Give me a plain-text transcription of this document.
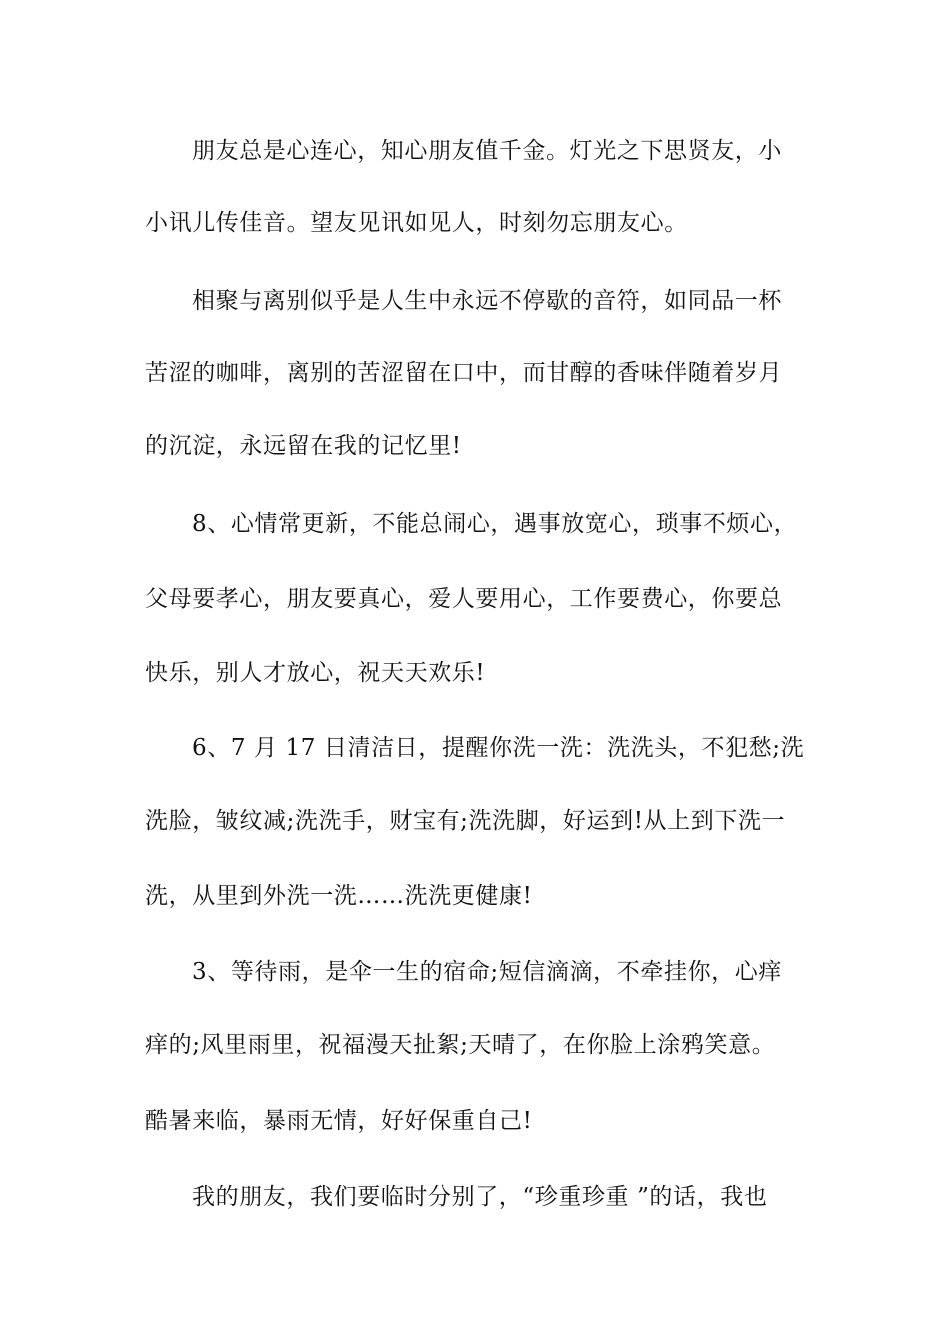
朋友总是心连心，知心朋友值千金。灯光之下思贤友，小
小讯儿传佳音。望友见讯如见人，时刻勿忘朋友心。
相聚与离别似乎是人生中永远不停歇的音符，如同品一杯
苦涩的咖啡，离别的苦涩留在口中，而甘醇的香味伴随着岁月
的沉淀，永远留在我的记忆里!
8、心情常更新，不能总闹心，遇事放宽心，琐事不烦心，
父母要孝心，朋友要真心，爱人要用心，工作要费心，你要总
快乐，别人才放心，祝天天欢乐!
6、7 月 17 日清洁日，提醒你洗一洗：洗洗头，不犯愁;洗
洗脸，皱纹减;洗洗手，财宝有;洗洗脚，好运到!从上到下洗一
洗，从里到外洗一洗……洗洗更健康!
3、等待雨，是伞一生的宿命;短信滴滴，不牵挂你，心痒
痒的;风里雨里，祝福漫天扯絮;天晴了，在你脸上涂鸦笑意。
酷暑来临，暴雨无情，好好保重自己!
我的朋友，我们要临时分别了，“珍重珍重 ”的话，我也
